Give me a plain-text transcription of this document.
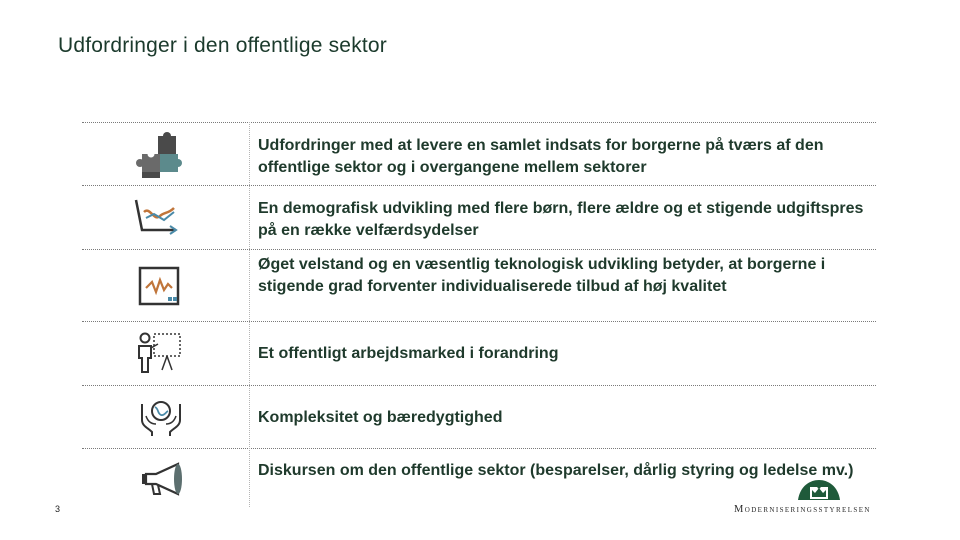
Udfordringer i den offentlige sektor
Udfordringer med at levere en samlet indsats for borgerne på tværs af den offentlige sektor og i overgangene mellem sektorer
En demografisk udvikling med flere børn, flere ældre og et stigende udgiftspres på en række velfærdsydelser
Øget velstand og en væsentlig teknologisk udvikling betyder, at borgerne i stigende grad forventer individualiserede tilbud af høj kvalitet
Et offentligt arbejdsmarked i forandring
Kompleksitet og bæredygtighed
Diskursen om den offentlige sektor (besparelser, dårlig styring og ledelse mv.)
3	Moderniseringsstyrelsen
